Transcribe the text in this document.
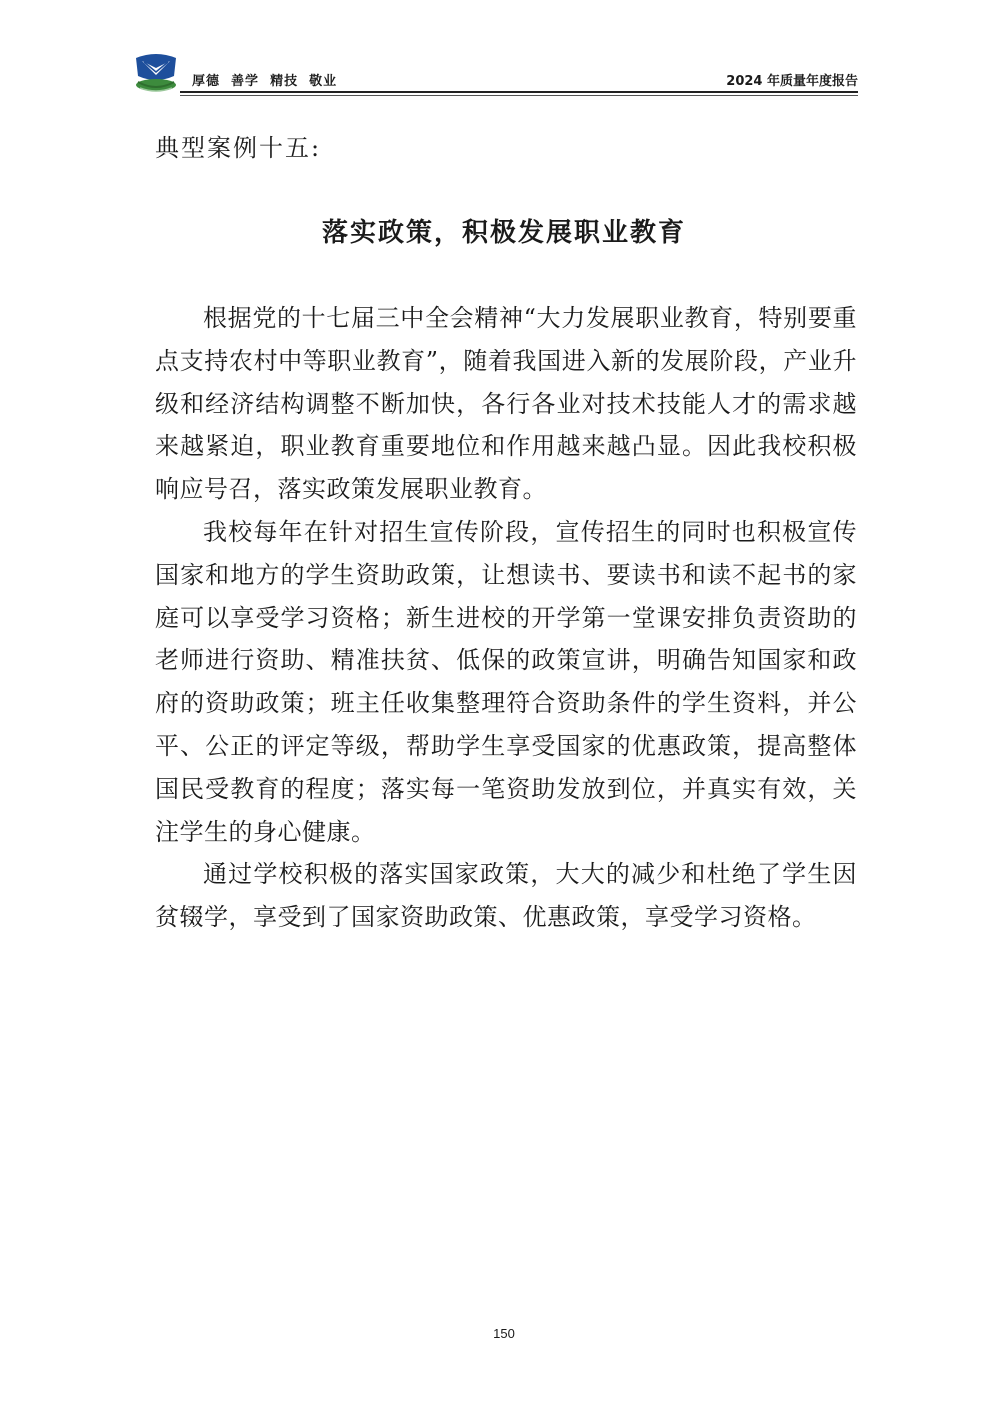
厚德  善学  精技  敬业	2024 年质量年度报告
典型案例十五:
落实政策，积极发展职业教育

根据党的十七届三中全会精神“大力发展职业教育，特别要重点支持农村中等职业教育”，随着我国进入新的发展阶段，产业升级和经济结构调整不断加快，各行各业对技术技能人才的需求越来越紧迫，职业教育重要地位和作用越来越凸显。因此我校积极响应号召，落实政策发展职业教育。

我校每年在针对招生宣传阶段，宣传招生的同时也积极宣传国家和地方的学生资助政策，让想读书、要读书和读不起书的家庭可以享受学习资格；新生进校的开学第一堂课安排负责资助的老师进行资助、精准扶贫、低保的政策宣讲，明确告知国家和政府的资助政策；班主任收集整理符合资助条件的学生资料，并公平、公正的评定等级，帮助学生享受国家的优惠政策，提高整体国民受教育的程度；落实每一笔资助发放到位，并真实有效，关注学生的身心健康。

通过学校积极的落实国家政策，大大的减少和杜绝了学生因贫辍学，享受到了国家资助政策、优惠政策，享受学习资格。

150
